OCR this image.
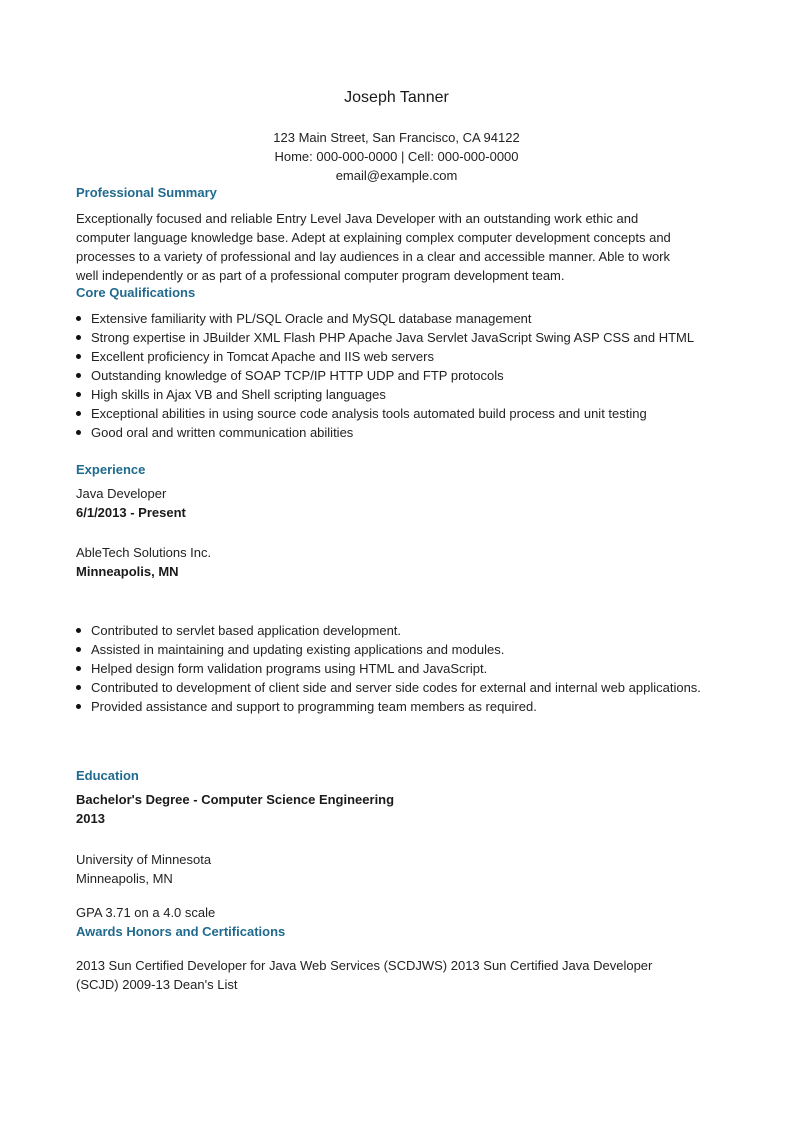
Joseph Tanner
123 Main Street, San Francisco, CA 94122
Home: 000-000-0000 | Cell: 000-000-0000
email@example.com
Professional Summary
Exceptionally focused and reliable Entry Level Java Developer with an outstanding work ethic and
computer language knowledge base. Adept at explaining complex computer development concepts and
processes to a variety of professional and lay audiences in a clear and accessible manner. Able to work
well independently or as part of a professional computer program development team.
Core Qualifications
Extensive familiarity with PL/SQL Oracle and MySQL database management
Strong expertise in JBuilder XML Flash PHP Apache Java Servlet JavaScript Swing ASP CSS and HTML
Excellent proficiency in Tomcat Apache and IIS web servers
Outstanding knowledge of SOAP TCP/IP HTTP UDP and FTP protocols
High skills in Ajax VB and Shell scripting languages
Exceptional abilities in using source code analysis tools automated build process and unit testing
Good oral and written communication abilities
Experience
Java Developer
6/1/2013 - Present
AbleTech Solutions Inc.
Minneapolis, MN
Contributed to servlet based application development.
Assisted in maintaining and updating existing applications and modules.
Helped design form validation programs using HTML and JavaScript.
Contributed to development of client side and server side codes for external and internal web applications.
Provided assistance and support to programming team members as required.
Education
Bachelor's Degree - Computer Science Engineering
2013
University of Minnesota
Minneapolis, MN
GPA 3.71 on a 4.0 scale
Awards Honors and Certifications
2013 Sun Certified Developer for Java Web Services (SCDJWS) 2013 Sun Certified Java Developer
(SCJD) 2009-13 Dean's List
